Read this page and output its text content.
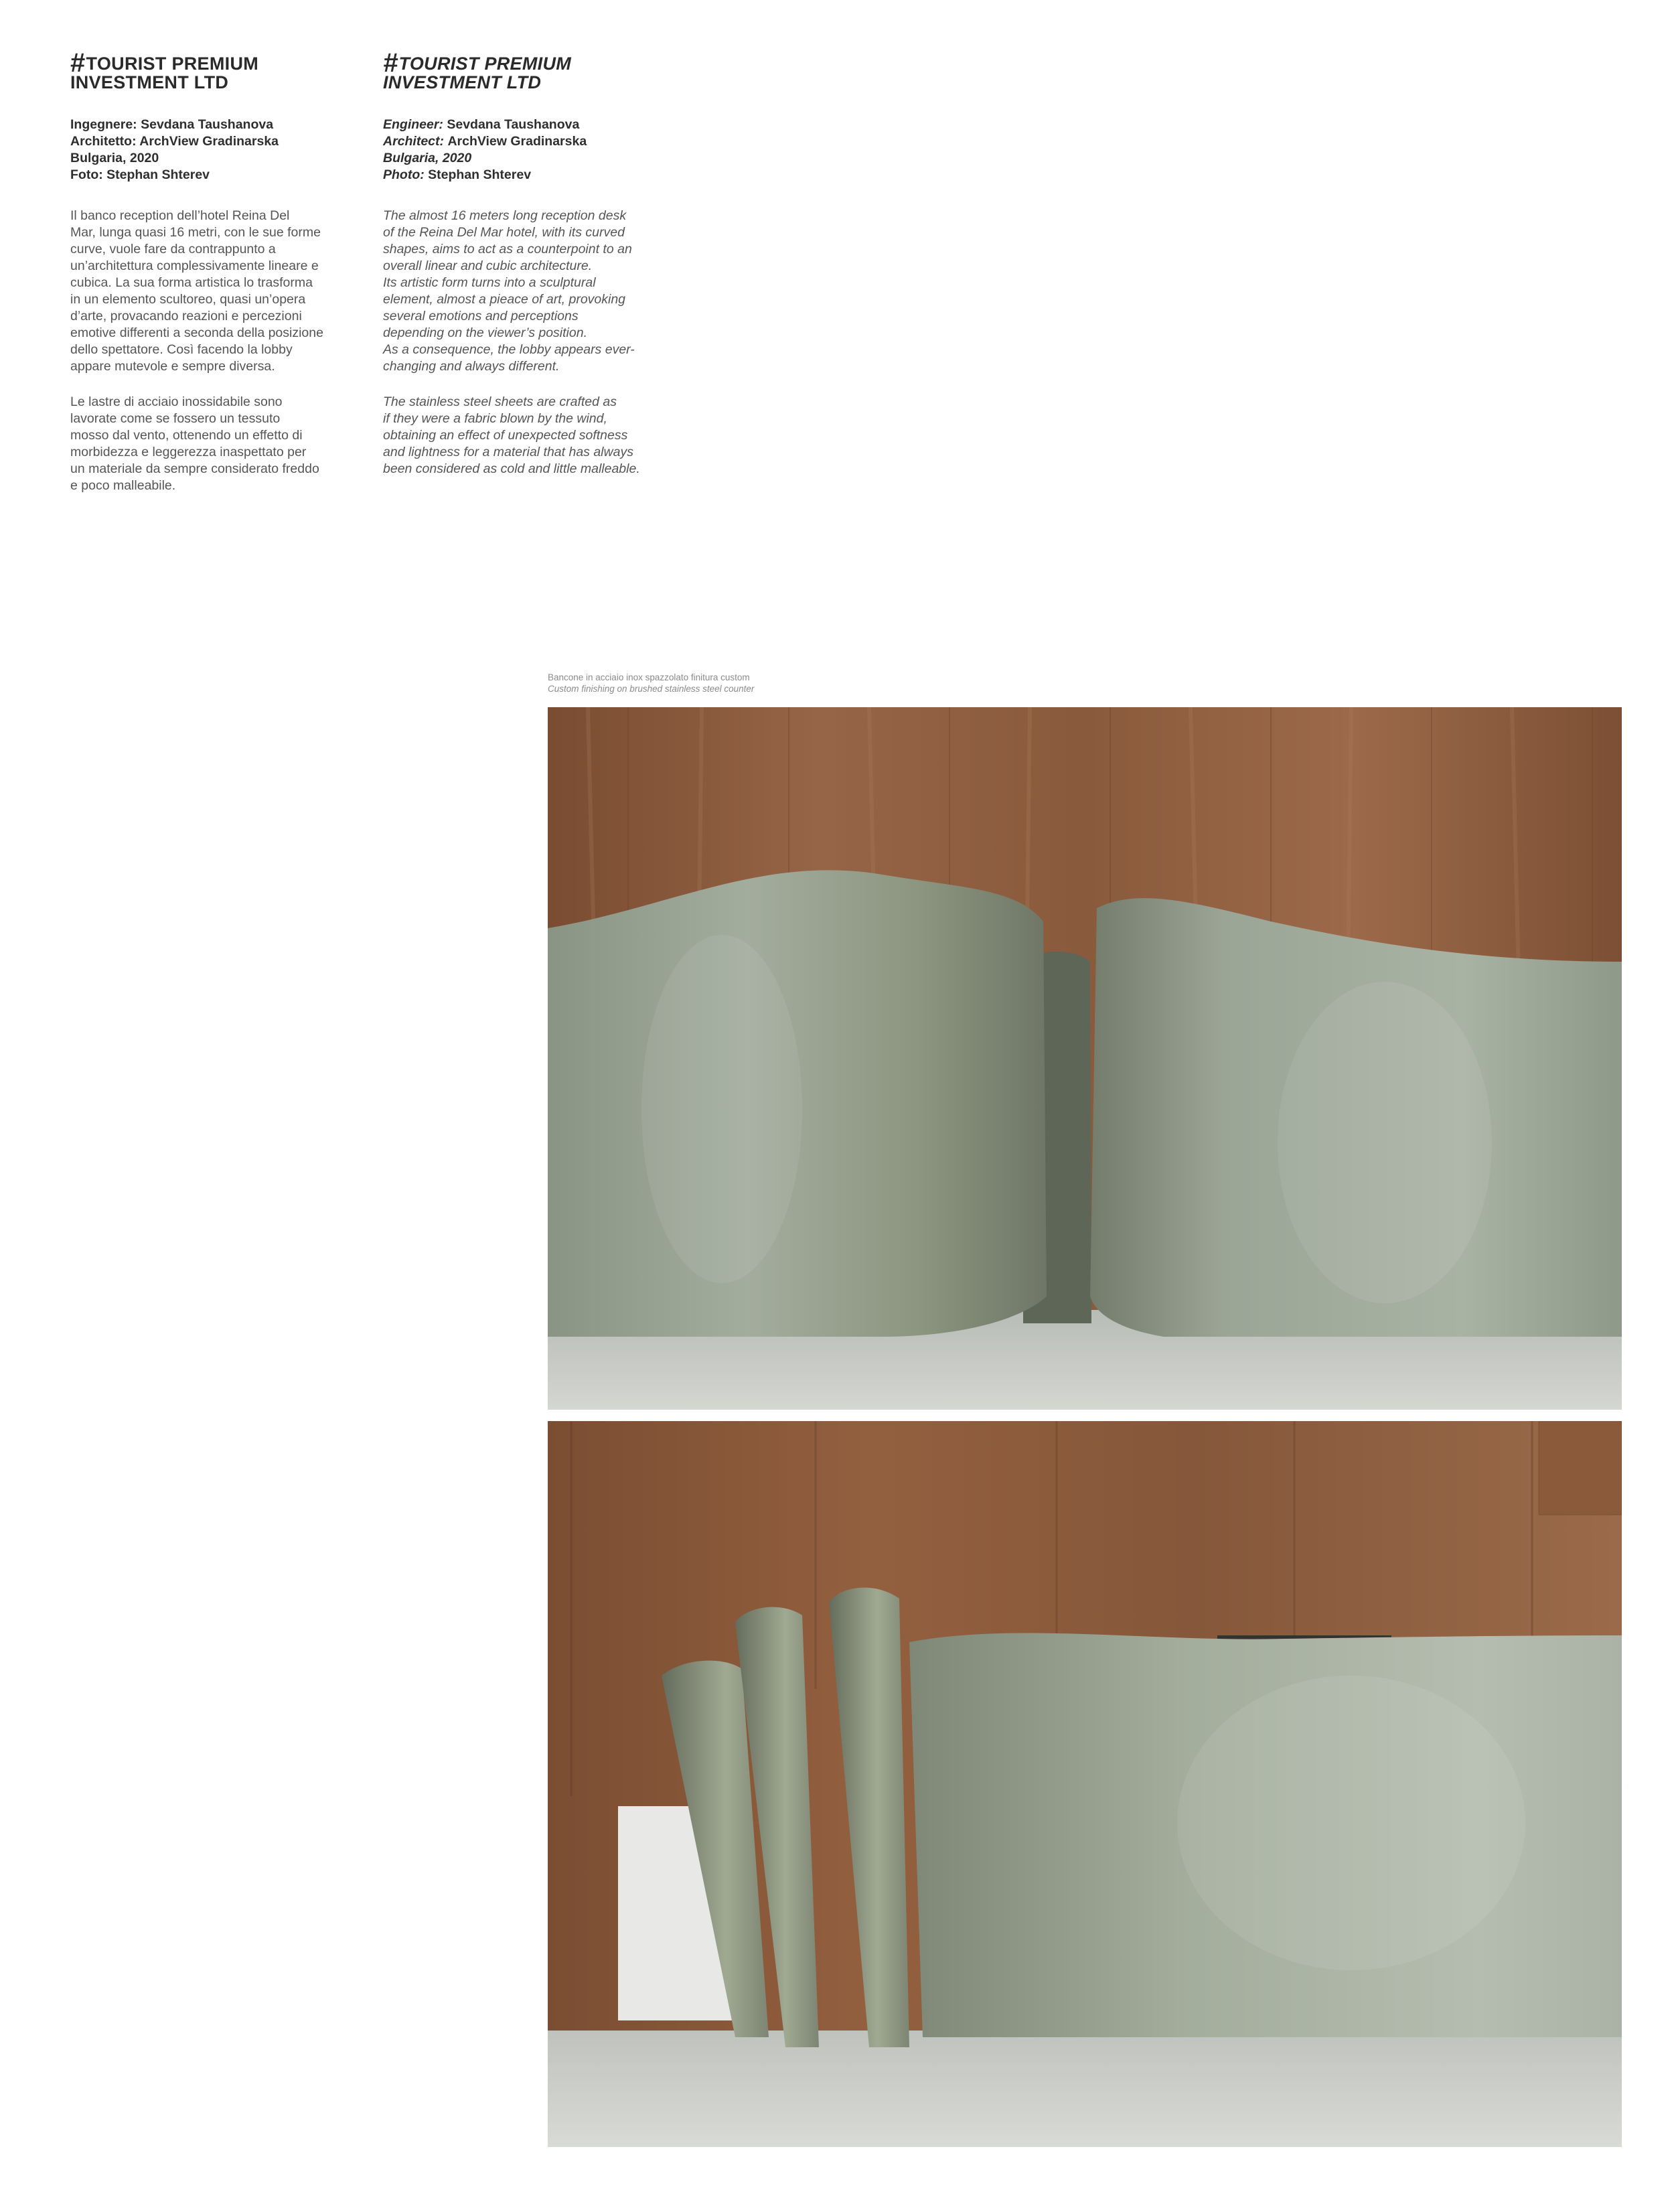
#TOURIST PREMIUM
INVESTMENT LTD
Ingegnere: Sevdana Taushanova
Architetto: ArchView Gradinarska
Bulgaria, 2020
Foto: Stephan Shterev

Il banco reception dell’hotel Reina Del
Mar, lunga quasi 16 metri, con le sue forme
curve, vuole fare da contrappunto a
un’architettura complessivamente lineare e
cubica. La sua forma artistica lo trasforma
in un elemento scultoreo, quasi un’opera
d’arte, provacando reazioni e percezioni
emotive differenti a seconda della posizione
dello spettatore. Così facendo la lobby
appare mutevole e sempre diversa.

Le lastre di acciaio inossidabile sono
lavorate come se fossero un tessuto
mosso dal vento, ottenendo un effetto di
morbidezza e leggerezza inaspettato per
un materiale da sempre considerato freddo
e poco malleabile.

#TOURIST PREMIUM
INVESTMENT LTD
Engineer: Sevdana Taushanova
Architect: ArchView Gradinarska
Bulgaria, 2020
Photo: Stephan Shterev

The almost 16 meters long reception desk
of the Reina Del Mar hotel, with its curved
shapes, aims to act as a counterpoint to an
overall linear and cubic architecture.
Its artistic form turns into a sculptural
element, almost a pieace of art, provoking
several emotions and perceptions
depending on the viewer’s position.
As a consequence, the lobby appears ever-
changing and always different.

The stainless steel sheets are crafted as
if they were a fabric blown by the wind,
obtaining an effect of unexpected softness
and lightness for a material that has always
been considered as cold and little malleable.

Bancone in acciaio inox spazzolato finitura custom
Custom finishing on brushed stainless steel counter
